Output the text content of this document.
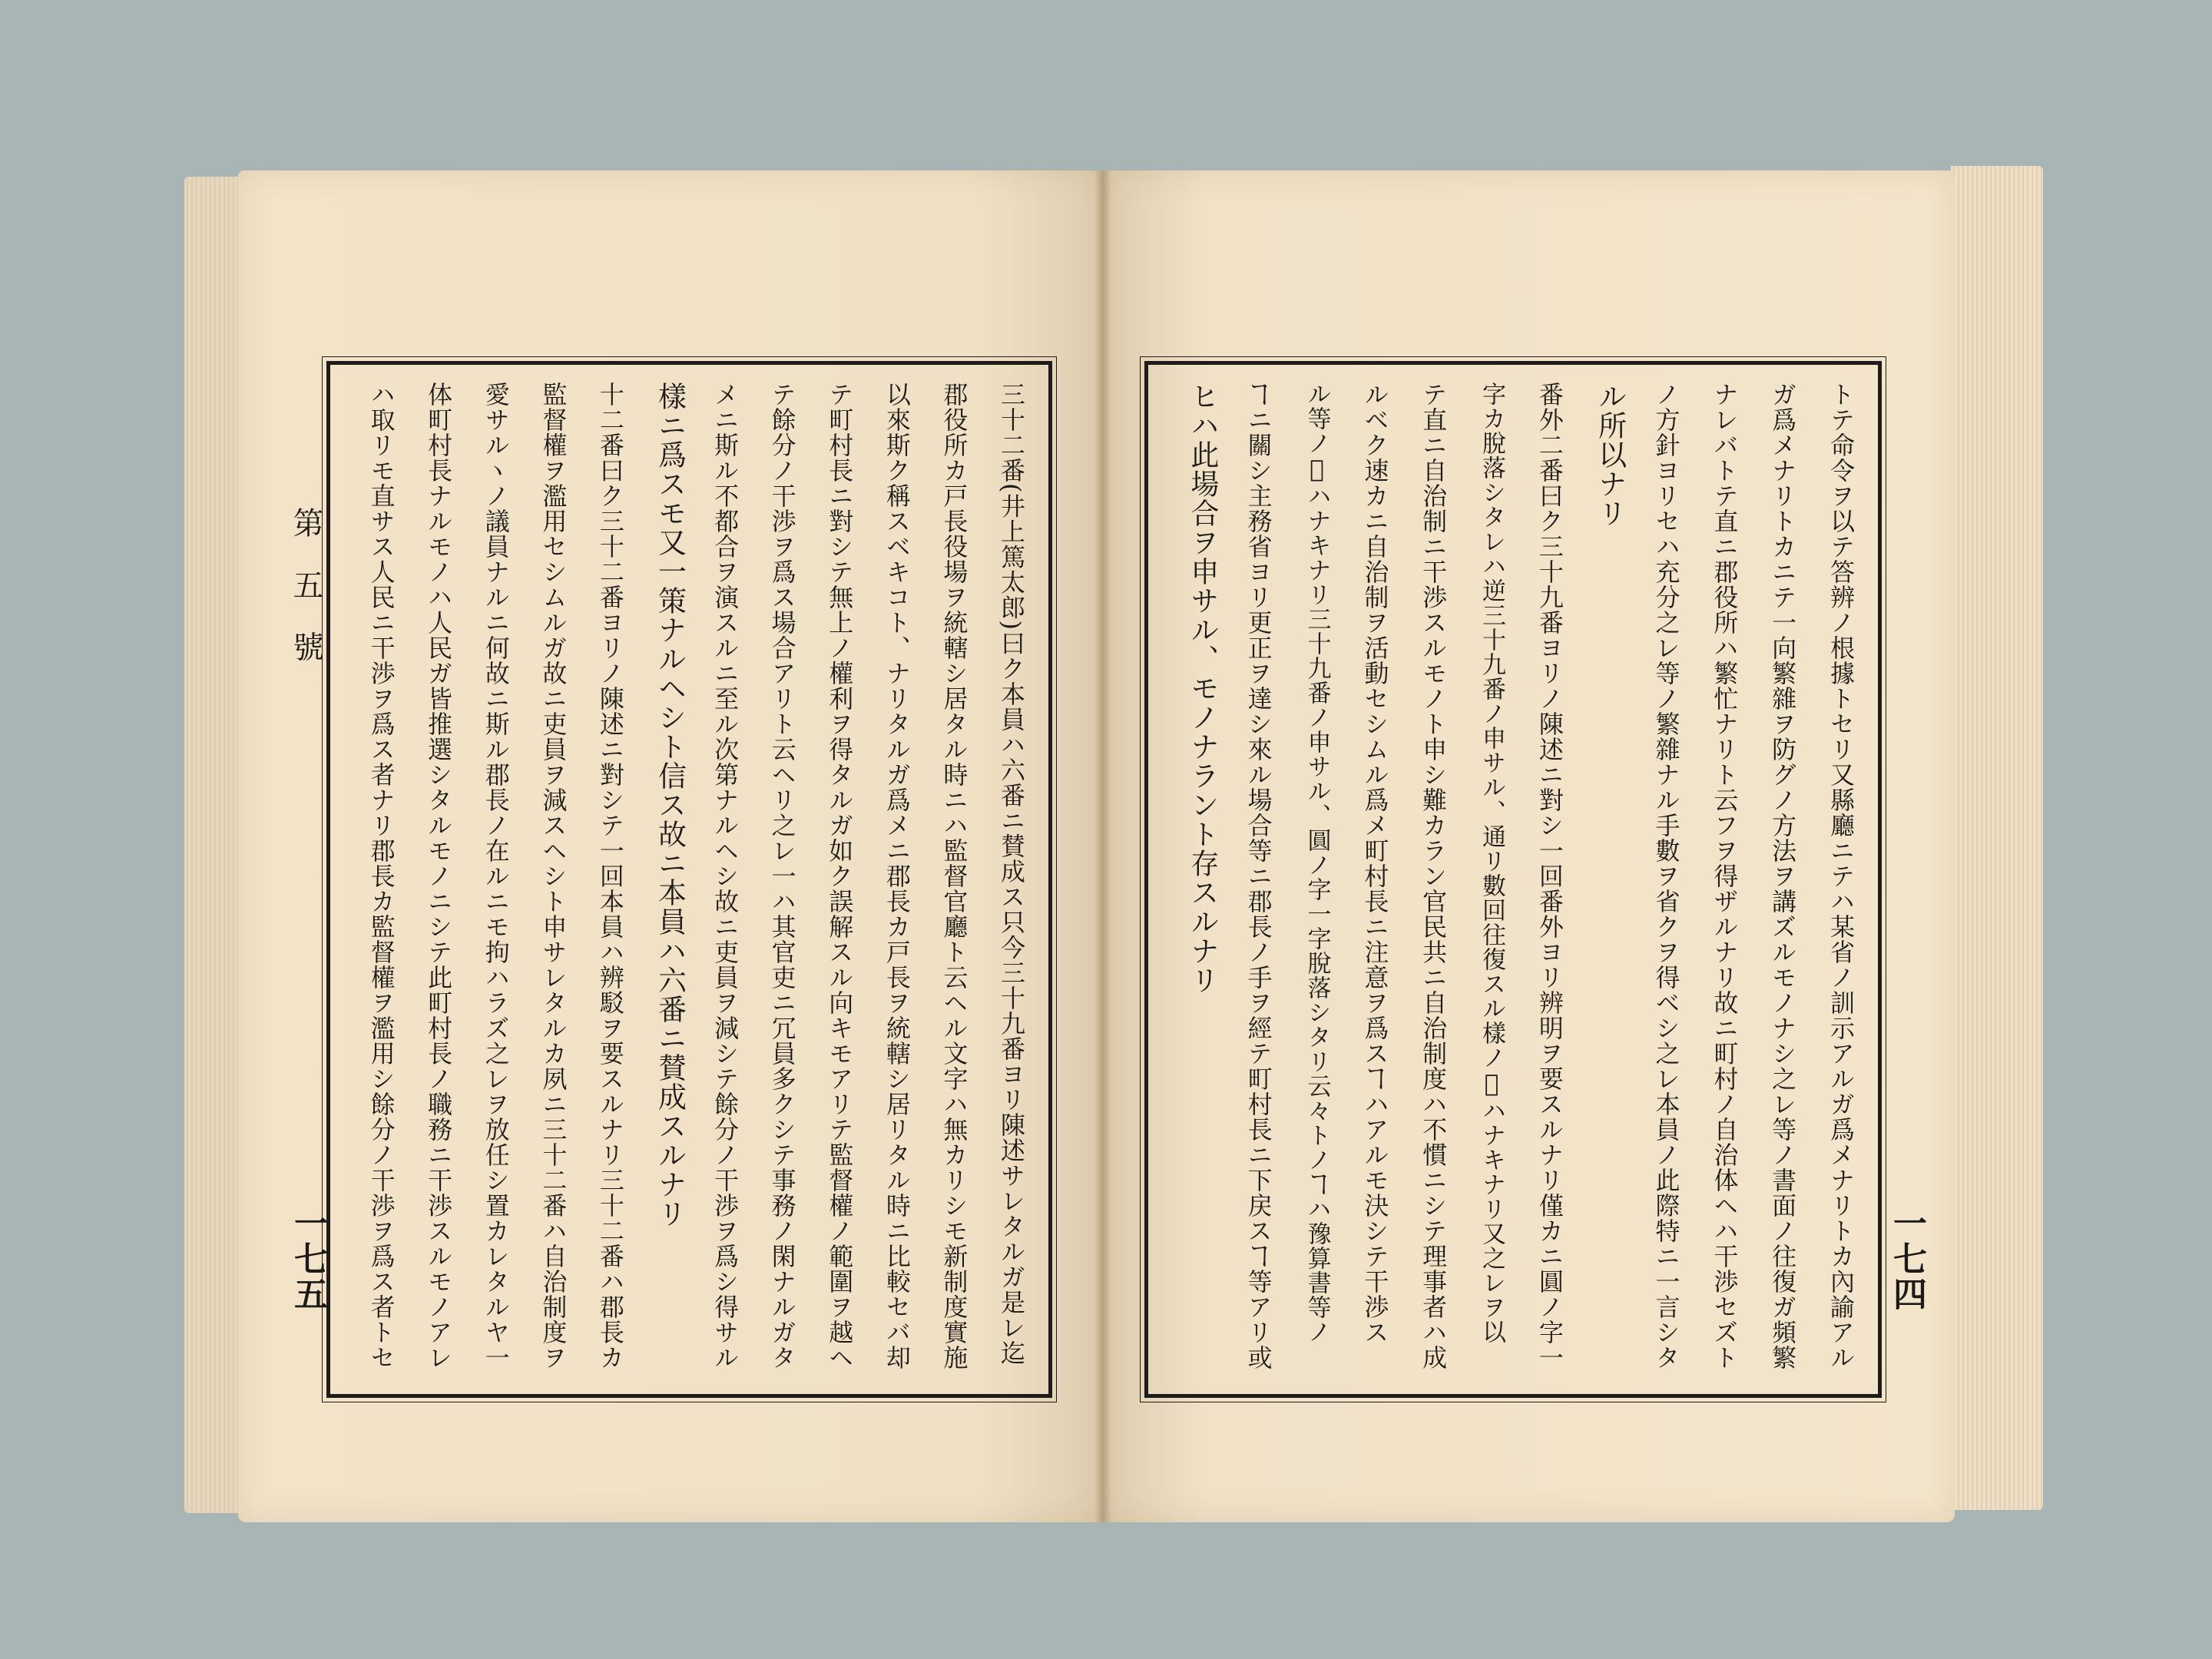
第 五 號
一七五	三十二番(井上篤太郎)曰ク本員ハ六番ニ賛成ス只今三十九番ヨリ陳述サレタルガ是レ迄
郡役所カ戸長役場ヲ統轄シ居タル時ニハ監督官廳ト云ヘル文字ハ無カリシモ新制度實施
以來斯ク稱スベキコト、ナリタルガ爲メニ郡長カ戸長ヲ統轄シ居リタル時ニ比較セバ却
テ町村長ニ對シテ無上ノ權利ヲ得タルガ如ク誤解スル向キモアリテ監督權ノ範圍ヲ越ヘ
テ餘分ノ干渉ヲ爲ス場合アリト云ヘリ之レ一ハ其官吏ニ冗員多クシテ事務ノ閑ナルガタ
メニ斯ル不都合ヲ演スルニ至ル次第ナルヘシ故ニ吏員ヲ減シテ餘分ノ干渉ヲ爲シ得サル
樣ニ爲スモ又一策ナルヘシト信ス故ニ本員ハ六番ニ賛成スルナリ
十二番曰ク三十二番ヨリノ陳述ニ對シテ一回本員ハ辨駁ヲ要スルナリ三十二番ハ郡長カ
監督權ヲ濫用セシムルガ故ニ吏員ヲ減スヘシト申サレタルカ夙ニ三十二番ハ自治制度ヲ
愛サルヽノ議員ナルニ何故ニ斯ル郡長ノ在ルニモ拘ハラズ之レヲ放任シ置カレタルヤ一
体町村長ナルモノハ人民ガ皆推選シタルモノニシテ此町村長ノ職務ニ干渉スルモノアレ
ハ取リモ直サス人民ニ干渉ヲ爲ス者ナリ郡長カ監督權ヲ濫用シ餘分ノ干渉ヲ爲ス者トセ	一七四
トテ命令ヲ以テ答辨ノ根據トセリ又縣廳ニテハ某省ノ訓示アルガ爲メナリトカ內諭アル
ガ爲メナリトカニテ一向繁雜ヲ防グノ方法ヲ講ズルモノナシ之レ等ノ書面ノ往復ガ頻繁
ナレバトテ直ニ郡役所ハ繁忙ナリト云フヲ得ザルナリ故ニ町村ノ自治体ヘハ干渉セズト
ノ方針ヨリセハ充分之レ等ノ繁雜ナル手數ヲ省クヲ得ベシ之レ本員ノ此際特ニ一言シタ
ル所以ナリ
番外二番曰ク三十九番ヨリノ陳述ニ對シ一回番外ヨリ辨明ヲ要スルナリ僅カニ圓ノ字一
字カ脫落シタレハ逆三十九番ノ申サル、通リ數回往復スル樣ノ𪜈ハナキナリ又之レヲ以
テ直ニ自治制ニ干渉スルモノト申シ難カラン官民共ニ自治制度ハ不慣ニシテ理事者ハ成
ルベク速カニ自治制ヲ活動セシムル爲メ町村長ニ注意ヲ爲スヿハアルモ決シテ干渉ス
ル等ノ𪜈ハナキナリ三十九番ノ申サル、圓ノ字一字脫落シタリ云々トノヿハ豫算書等ノ
ヿニ關シ主務省ヨリ更正ヲ達シ來ル場合等ニ郡長ノ手ヲ經テ町村長ニ下戻スヿ等アリ或
ヒハ此場合ヲ申サル、モノナラント存スルナリ
